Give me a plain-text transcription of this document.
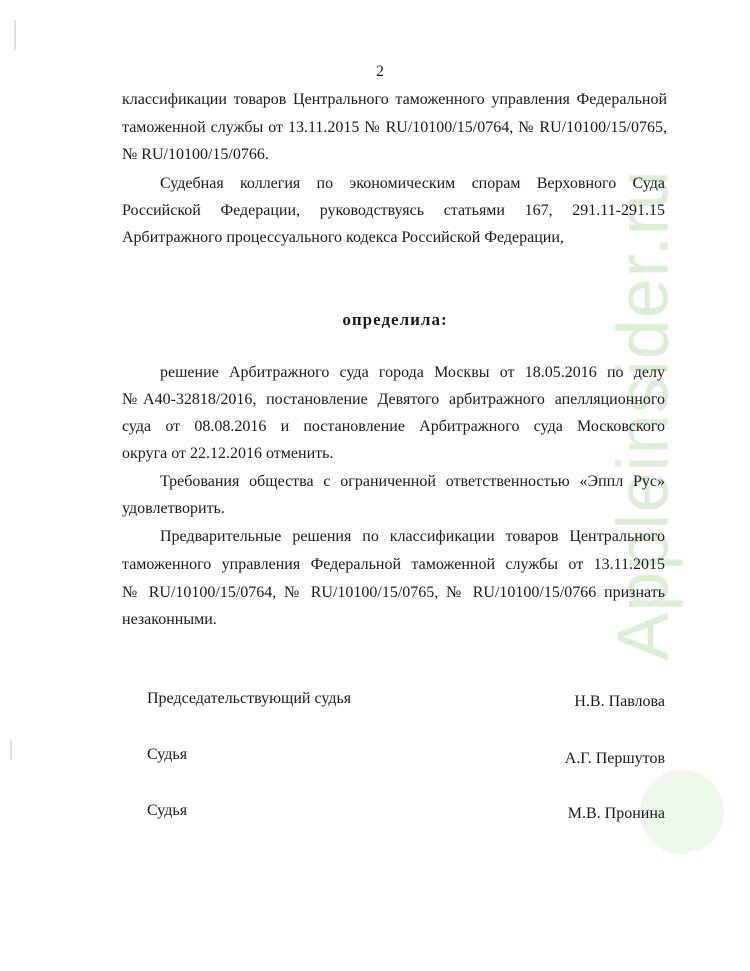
Appleinsider.ru
2
классификации товаров Центрального таможенного управления Федеральной
таможенной службы от 13.11.2015 № RU/10100/15/0764, № RU/10100/15/0765,
№ RU/10100/15/0766.
Судебная коллегия по экономическим спорам Верховного Суда
Российской Федерации, руководствуясь статьями 167, 291.11-291.15
Арбитражного процессуального кодекса Российской Федерации,
определила:
решение Арбитражного суда города Москвы от 18.05.2016 по делу
№А40-32818/2016, постановление Девятого арбитражного апелляционного
суда от 08.08.2016 и постановление Арбитражного суда Московского
округа от 22.12.2016 отменить.
Требования общества с ограниченной ответственностью «Эппл Рус»
удовлетворить.
Предварительные решения по классификации товаров Центрального
таможенного управления Федеральной таможенной службы от 13.11.2015
№ RU/10100/15/0764, № RU/10100/15/0765, № RU/10100/15/0766 признать
незаконными.
Председательствующий судья	Н.В. Павлова
Судья	А.Г. Першутов
Судья	М.В. Пронина
